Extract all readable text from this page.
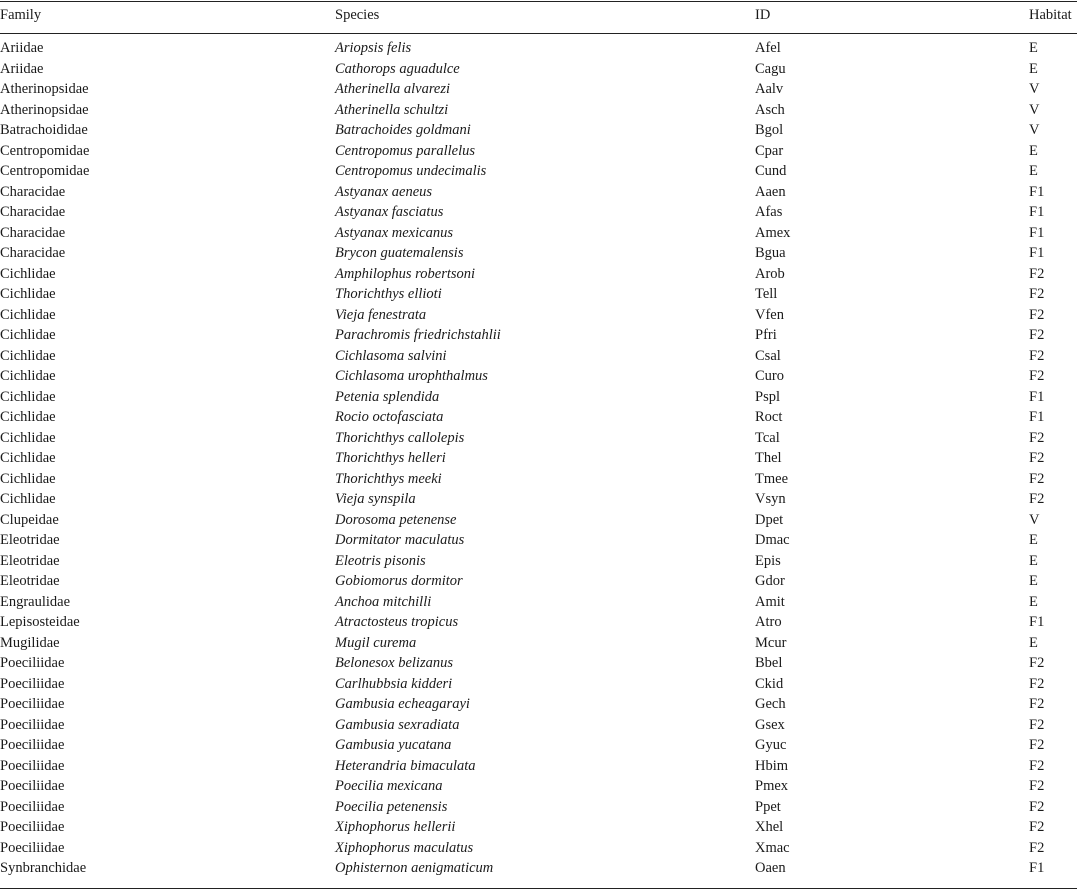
Family	Species	ID	Habitat
Ariidae	Ariopsis felis	Afel	E
Ariidae	Cathorops aguadulce	Cagu	E
Atherinopsidae	Atherinella alvarezi	Aalv	V
Atherinopsidae	Atherinella schultzi	Asch	V
Batrachoididae	Batrachoides goldmani	Bgol	V
Centropomidae	Centropomus parallelus	Cpar	E
Centropomidae	Centropomus undecimalis	Cund	E
Characidae	Astyanax aeneus	Aaen	F1
Characidae	Astyanax fasciatus	Afas	F1
Characidae	Astyanax mexicanus	Amex	F1
Characidae	Brycon guatemalensis	Bgua	F1
Cichlidae	Amphilophus robertsoni	Arob	F2
Cichlidae	Thorichthys ellioti	Tell	F2
Cichlidae	Vieja fenestrata	Vfen	F2
Cichlidae	Parachromis friedrichstahlii	Pfri	F2
Cichlidae	Cichlasoma salvini	Csal	F2
Cichlidae	Cichlasoma urophthalmus	Curo	F2
Cichlidae	Petenia splendida	Pspl	F1
Cichlidae	Rocio octofasciata	Roct	F1
Cichlidae	Thorichthys callolepis	Tcal	F2
Cichlidae	Thorichthys helleri	Thel	F2
Cichlidae	Thorichthys meeki	Tmee	F2
Cichlidae	Vieja synspila	Vsyn	F2
Clupeidae	Dorosoma petenense	Dpet	V
Eleotridae	Dormitator maculatus	Dmac	E
Eleotridae	Eleotris pisonis	Epis	E
Eleotridae	Gobiomorus dormitor	Gdor	E
Engraulidae	Anchoa mitchilli	Amit	E
Lepisosteidae	Atractosteus tropicus	Atro	F1
Mugilidae	Mugil curema	Mcur	E
Poeciliidae	Belonesox belizanus	Bbel	F2
Poeciliidae	Carlhubbsia kidderi	Ckid	F2
Poeciliidae	Gambusia echeagarayi	Gech	F2
Poeciliidae	Gambusia sexradiata	Gsex	F2
Poeciliidae	Gambusia yucatana	Gyuc	F2
Poeciliidae	Heterandria bimaculata	Hbim	F2
Poeciliidae	Poecilia mexicana	Pmex	F2
Poeciliidae	Poecilia petenensis	Ppet	F2
Poeciliidae	Xiphophorus hellerii	Xhel	F2
Poeciliidae	Xiphophorus maculatus	Xmac	F2
Synbranchidae	Ophisternon aenigmaticum	Oaen	F1
